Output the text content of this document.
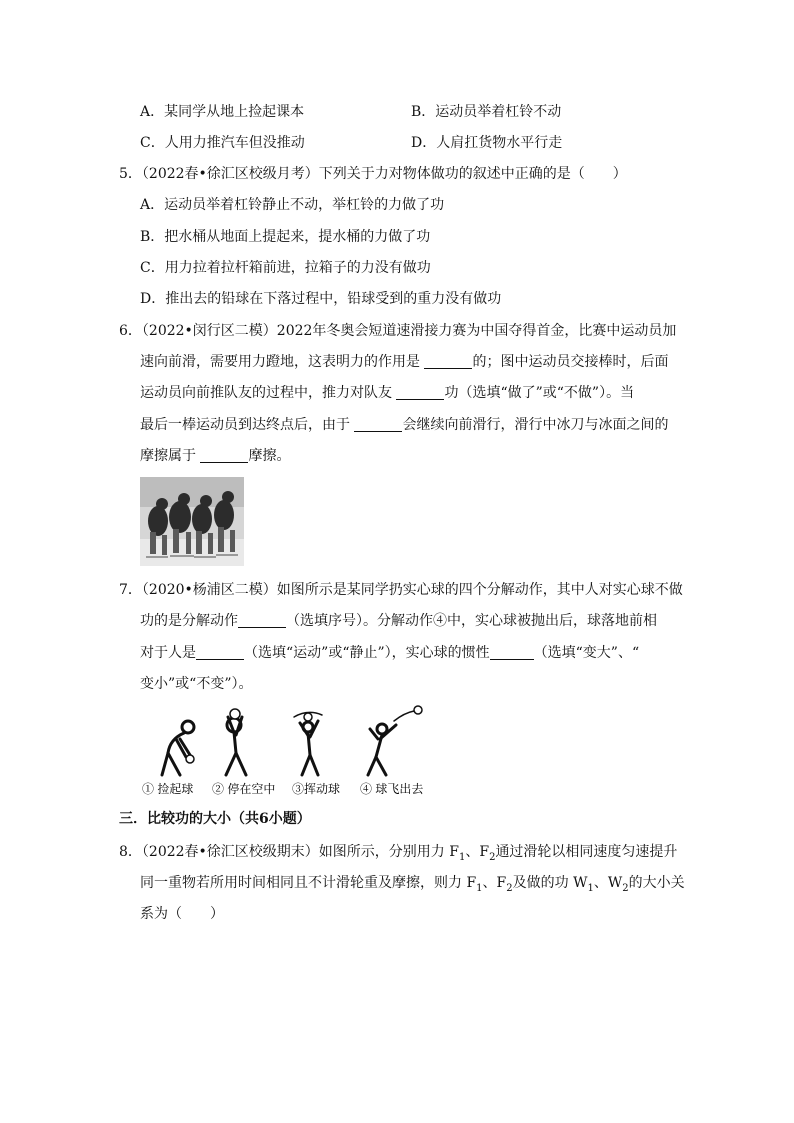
A．某同学从地上捡起课本	B．运动员举着杠铃不动
C．人用力推汽车但没推动	D．人肩扛货物水平行走
5．（2022春•徐汇区校级月考）下列关于力对物体做功的叙述中正确的是（　　）
A．运动员举着杠铃静止不动，举杠铃的力做了功
B．把水桶从地面上提起来，提水桶的力做了功
C．用力拉着拉杆箱前进，拉箱子的力没有做功
D．推出去的铅球在下落过程中，铅球受到的重力没有做功
6．（2022•闵行区二模）2022年冬奥会短道速滑接力赛为中国夺得首金，比赛中运动员加
速向前滑，需要用力蹬地，这表明力的作用是	的；图中运动员交接棒时，后面
运动员向前推队友的过程中，推力对队友	功（选填“做了”或“不做”）。当
最后一棒运动员到达终点后，由于	会继续向前滑行，滑行中冰刀与冰面之间的
摩擦属于	摩擦。
7．（2020•杨浦区二模）如图所示是某同学扔实心球的四个分解动作，其中人对实心球不做
功的是分解动作	（选填序号）。分解动作④中，实心球被抛出后，球落地前相
对于人是	（选填“运动”或“静止”），实心球的惯性	（选填“变大”、“
变小”或“不变”）。
① 捡起球 ② 停在空中 ③挥动球 ④ 球飞出去
三．比较功的大小（共6小题）
8．（2022春•徐汇区校级期末）如图所示，分别用力 $F_1$、$F_2$通过滑轮以相同速度匀速提升
同一重物若所用时间相同且不计滑轮重及摩擦，则力 $F_1$、$F_2$及做的功 $W_1$、$W_2$的大小关
系为（　　）
